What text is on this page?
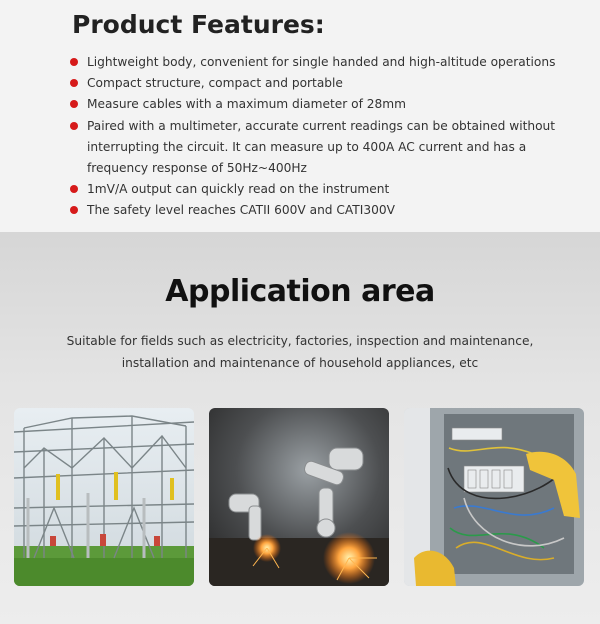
Product Features:
Lightweight body, convenient for single handed and high-altitude operations
Compact structure, compact and portable
Measure cables with a maximum diameter of 28mm
Paired with a multimeter, accurate current readings can be obtained without interrupting the circuit. It can measure up to 400A AC current and has a frequency response of 50Hz~400Hz
1mV/A output can quickly read on the instrument
The safety level reaches CATII 600V and CATI300V
Application area

Suitable for fields such as electricity, factories, inspection and maintenance, installation and maintenance of household appliances, etc
